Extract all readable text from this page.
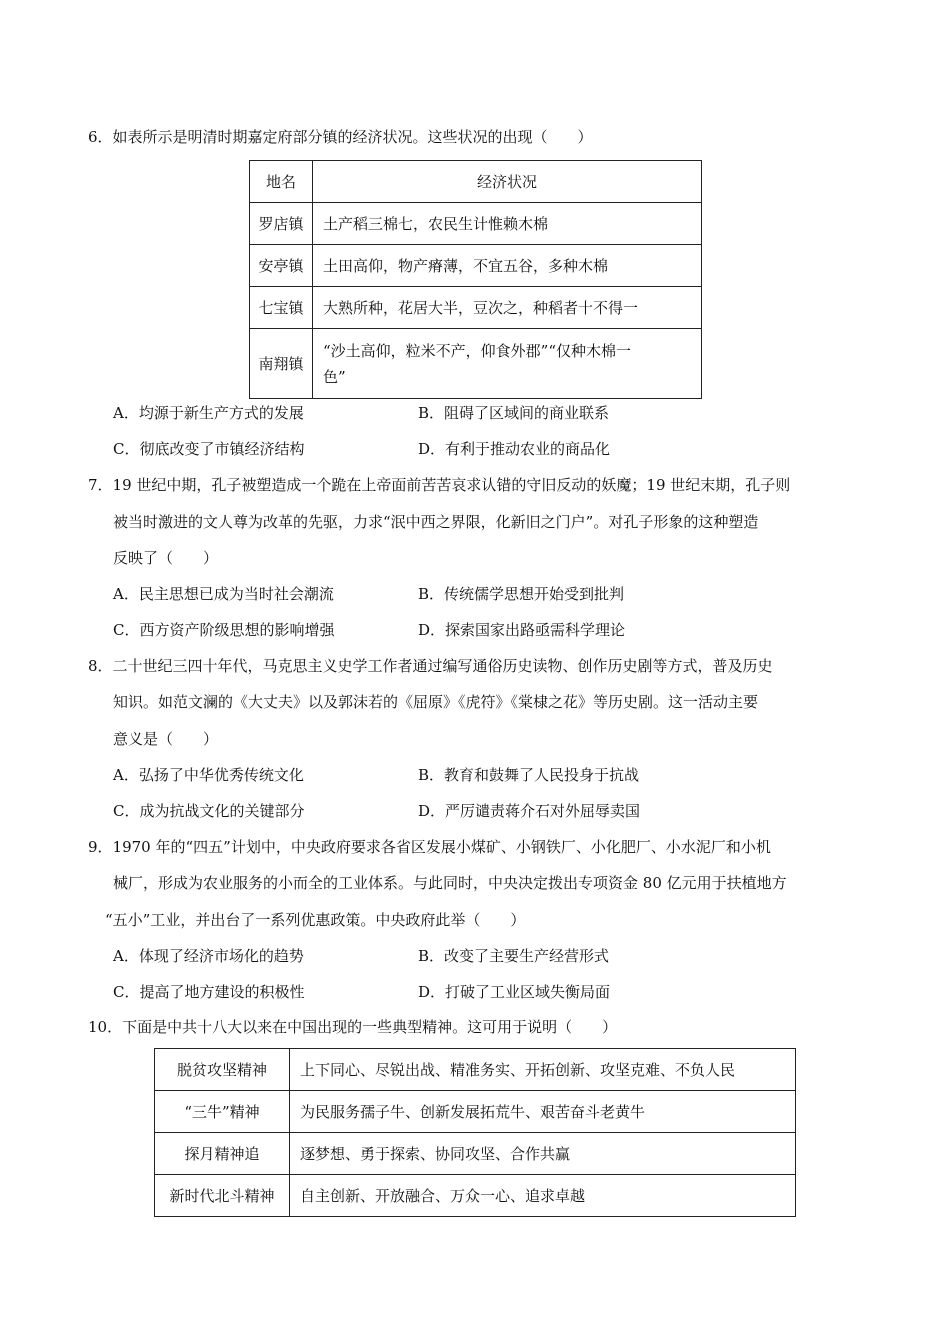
6．如表所示是明清时期嘉定府部分镇的经济状况。这些状况的出现（　　）
地名	经济状况
罗店镇	土产稻三棉七，农民生计惟赖木棉
安亭镇	土田高仰，物产瘠薄，不宜五谷，多种木棉
七宝镇	大熟所种，花居大半，豆次之，种稻者十不得一
南翔镇	“沙土高仰，粒米不产，仰食外郡”“仅种木棉一
色”
A．均源于新生产方式的发展	B．阻碍了区域间的商业联系
C．彻底改变了市镇经济结构	D．有利于推动农业的商品化
7．19 世纪中期，孔子被塑造成一个跪在上帝面前苦苦哀求认错的守旧反动的妖魔；19 世纪末期，孔子则
被当时激进的文人尊为改革的先驱，力求“泯中西之界限，化新旧之门户”。对孔子形象的这种塑造
反映了（　　）
A．民主思想已成为当时社会潮流	B．传统儒学思想开始受到批判
C．西方资产阶级思想的影响增强	D．探索国家出路亟需科学理论
8．二十世纪三四十年代，马克思主义史学工作者通过编写通俗历史读物、创作历史剧等方式，普及历史
知识。如范文澜的《大丈夫》以及郭沫若的《屈原》《虎符》《棠棣之花》等历史剧。这一活动主要
意义是（　　）
A．弘扬了中华优秀传统文化	B．教育和鼓舞了人民投身于抗战
C．成为抗战文化的关键部分	D．严厉谴责蒋介石对外屈辱卖国
9．1970 年的“四五”计划中，中央政府要求各省区发展小煤矿、小钢铁厂、小化肥厂、小水泥厂和小机
械厂，形成为农业服务的小而全的工业体系。与此同时，中央决定拨出专项资金 80 亿元用于扶植地方
“五小”工业，并出台了一系列优惠政策。中央政府此举（　　）
A．体现了经济市场化的趋势	B．改变了主要生产经营形式
C．提高了地方建设的积极性	D．打破了工业区域失衡局面
10．下面是中共十八大以来在中国出现的一些典型精神。这可用于说明（　　）
脱贫攻坚精神	上下同心、尽锐出战、精准务实、开拓创新、攻坚克难、不负人民
“三牛”精神	为民服务孺子牛、创新发展拓荒牛、艰苦奋斗老黄牛
探月精神追	逐梦想、勇于探索、协同攻坚、合作共赢
新时代北斗精神	自主创新、开放融合、万众一心、追求卓越
